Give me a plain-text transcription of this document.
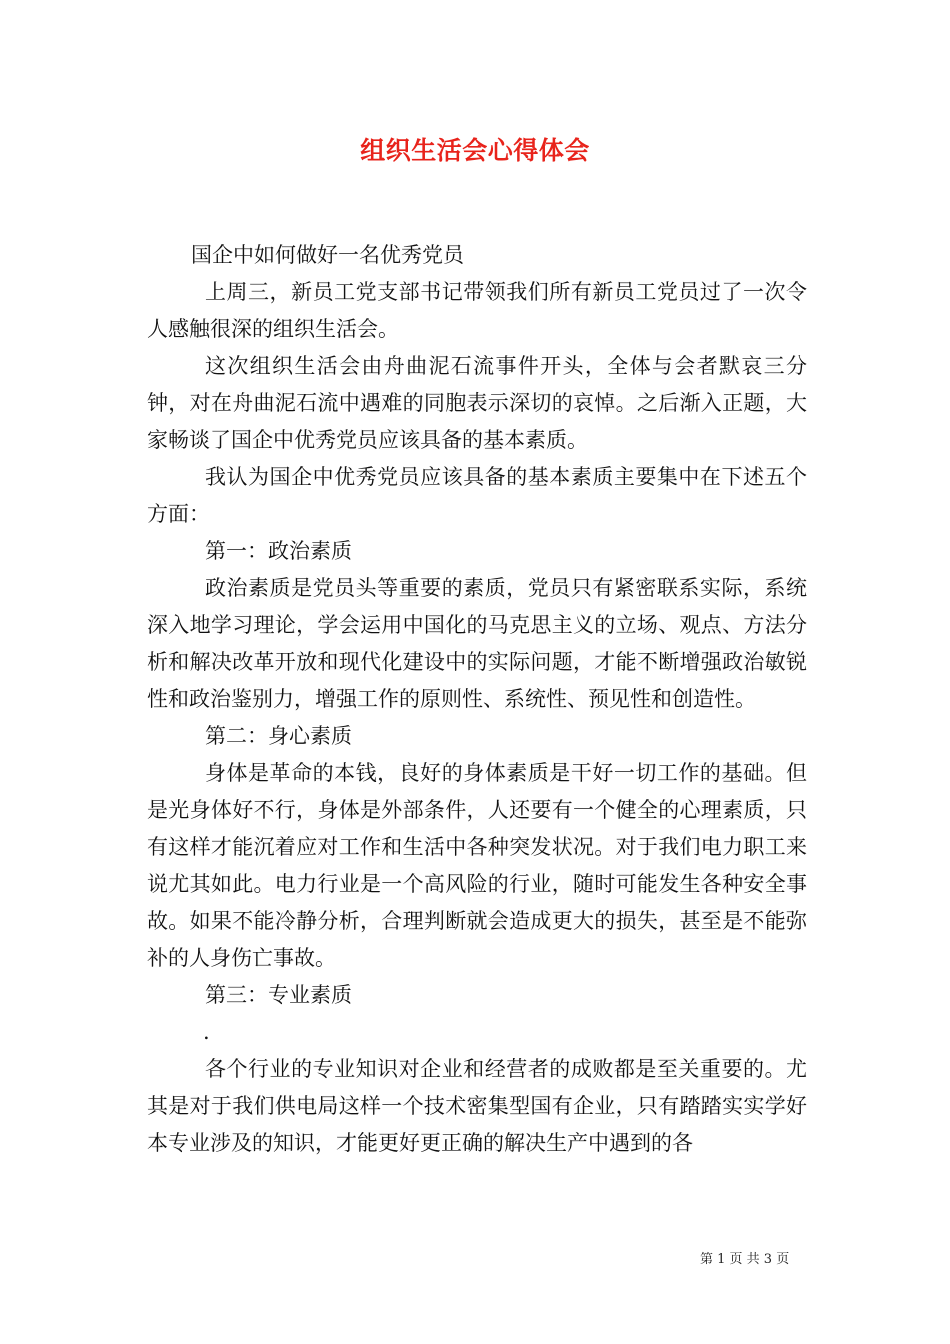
组织生活会心得体会

国企中如何做好一名优秀党员

上周三，新员工党支部书记带领我们所有新员工党员过了一次令人感触很深的组织生活会。

这次组织生活会由舟曲泥石流事件开头，全体与会者默哀三分钟，对在舟曲泥石流中遇难的同胞表示深切的哀悼。之后渐入正题，大家畅谈了国企中优秀党员应该具备的基本素质。

我认为国企中优秀党员应该具备的基本素质主要集中在下述五个方面：

第一：政治素质

政治素质是党员头等重要的素质，党员只有紧密联系实际，系统深入地学习理论，学会运用中国化的马克思主义的立场、观点、方法分析和解决改革开放和现代化建设中的实际问题，才能不断增强政治敏锐性和政治鉴别力，增强工作的原则性、系统性、预见性和创造性。

第二：身心素质

身体是革命的本钱，良好的身体素质是干好一切工作的基础。但是光身体好不行，身体是外部条件，人还要有一个健全的心理素质，只有这样才能沉着应对工作和生活中各种突发状况。对于我们电力职工来说尤其如此。电力行业是一个高风险的行业，随时可能发生各种安全事故。如果不能冷静分析，合理判断就会造成更大的损失，甚至是不能弥补的人身伤亡事故。

第三：专业素质

.

各个行业的专业知识对企业和经营者的成败都是至关重要的。尤其是对于我们供电局这样一个技术密集型国有企业，只有踏踏实实学好本专业涉及的知识，才能更好更正确的解决生产中遇到的各

第 1 页 共 3 页
